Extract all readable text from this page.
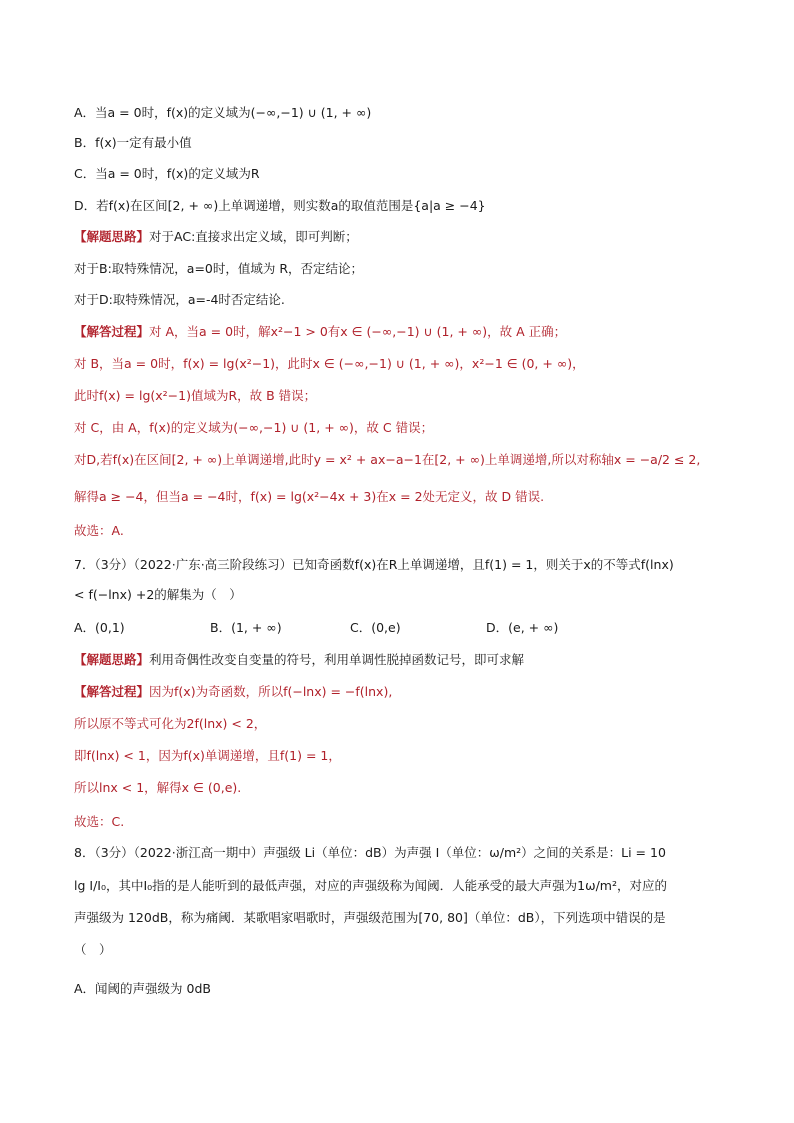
A．当a = 0时，f(x)的定义域为(−∞,−1) ∪ (1, + ∞)
B．f(x)一定有最小值
C．当a = 0时，f(x)的定义域为R
D．若f(x)在区间[2, + ∞)上单调递增，则实数a的取值范围是{a|a ≥ −4}
【解题思路】对于AC:直接求出定义域，即可判断；
对于B:取特殊情况，a=0时，值域为 R，否定结论；
对于D:取特殊情况，a=-4时否定结论.
【解答过程】对 A，当a = 0时，解x²−1 > 0有x ∈ (−∞,−1) ∪ (1, + ∞)，故 A 正确；
对 B，当a = 0时，f(x) = lg(x²−1)，此时x ∈ (−∞,−1) ∪ (1, + ∞)，x²−1 ∈ (0, + ∞)，
此时f(x) = lg(x²−1)值域为R，故 B 错误；
对 C，由 A，f(x)的定义域为(−∞,−1) ∪ (1, + ∞)，故 C 错误；
对D,若f(x)在区间[2, + ∞)上单调递增,此时y = x² + ax−a−1在[2, + ∞)上单调递增,所以对称轴x = −a/2 ≤ 2,
解得a ≥ −4，但当a = −4时，f(x) = lg(x²−4x + 3)在x = 2处无定义，故 D 错误.
故选：A.
7．（3分）（2022·广东·高三阶段练习）已知奇函数f(x)在R上单调递增，且f(1) = 1，则关于x的不等式f(lnx)
< f(−lnx) +2的解集为（　）
A．(0,1)	B．(1, + ∞)	C．(0,e)	D．(e, + ∞)
【解题思路】利用奇偶性改变自变量的符号，利用单调性脱掉函数记号，即可求解
【解答过程】因为f(x)为奇函数，所以f(−lnx) = −f(lnx),
所以原不等式可化为2f(lnx) < 2，
即f(lnx) < 1，因为f(x)单调递增，且f(1) = 1，
所以lnx < 1，解得x ∈ (0,e).
故选：C.
8．（3分）（2022·浙江高一期中）声强级 Li（单位：dB）为声强 I（单位：ω/m²）之间的关系是：Li = 10
lg I/I₀，其中I₀指的是人能听到的最低声强，对应的声强级称为闻阈．人能承受的最大声强为1ω/m²，对应的
声强级为 120dB，称为痛阈．某歌唱家唱歌时，声强级范围为[70, 80]（单位：dB），下列选项中错误的是
（　）
A．闻阈的声强级为 0dB
